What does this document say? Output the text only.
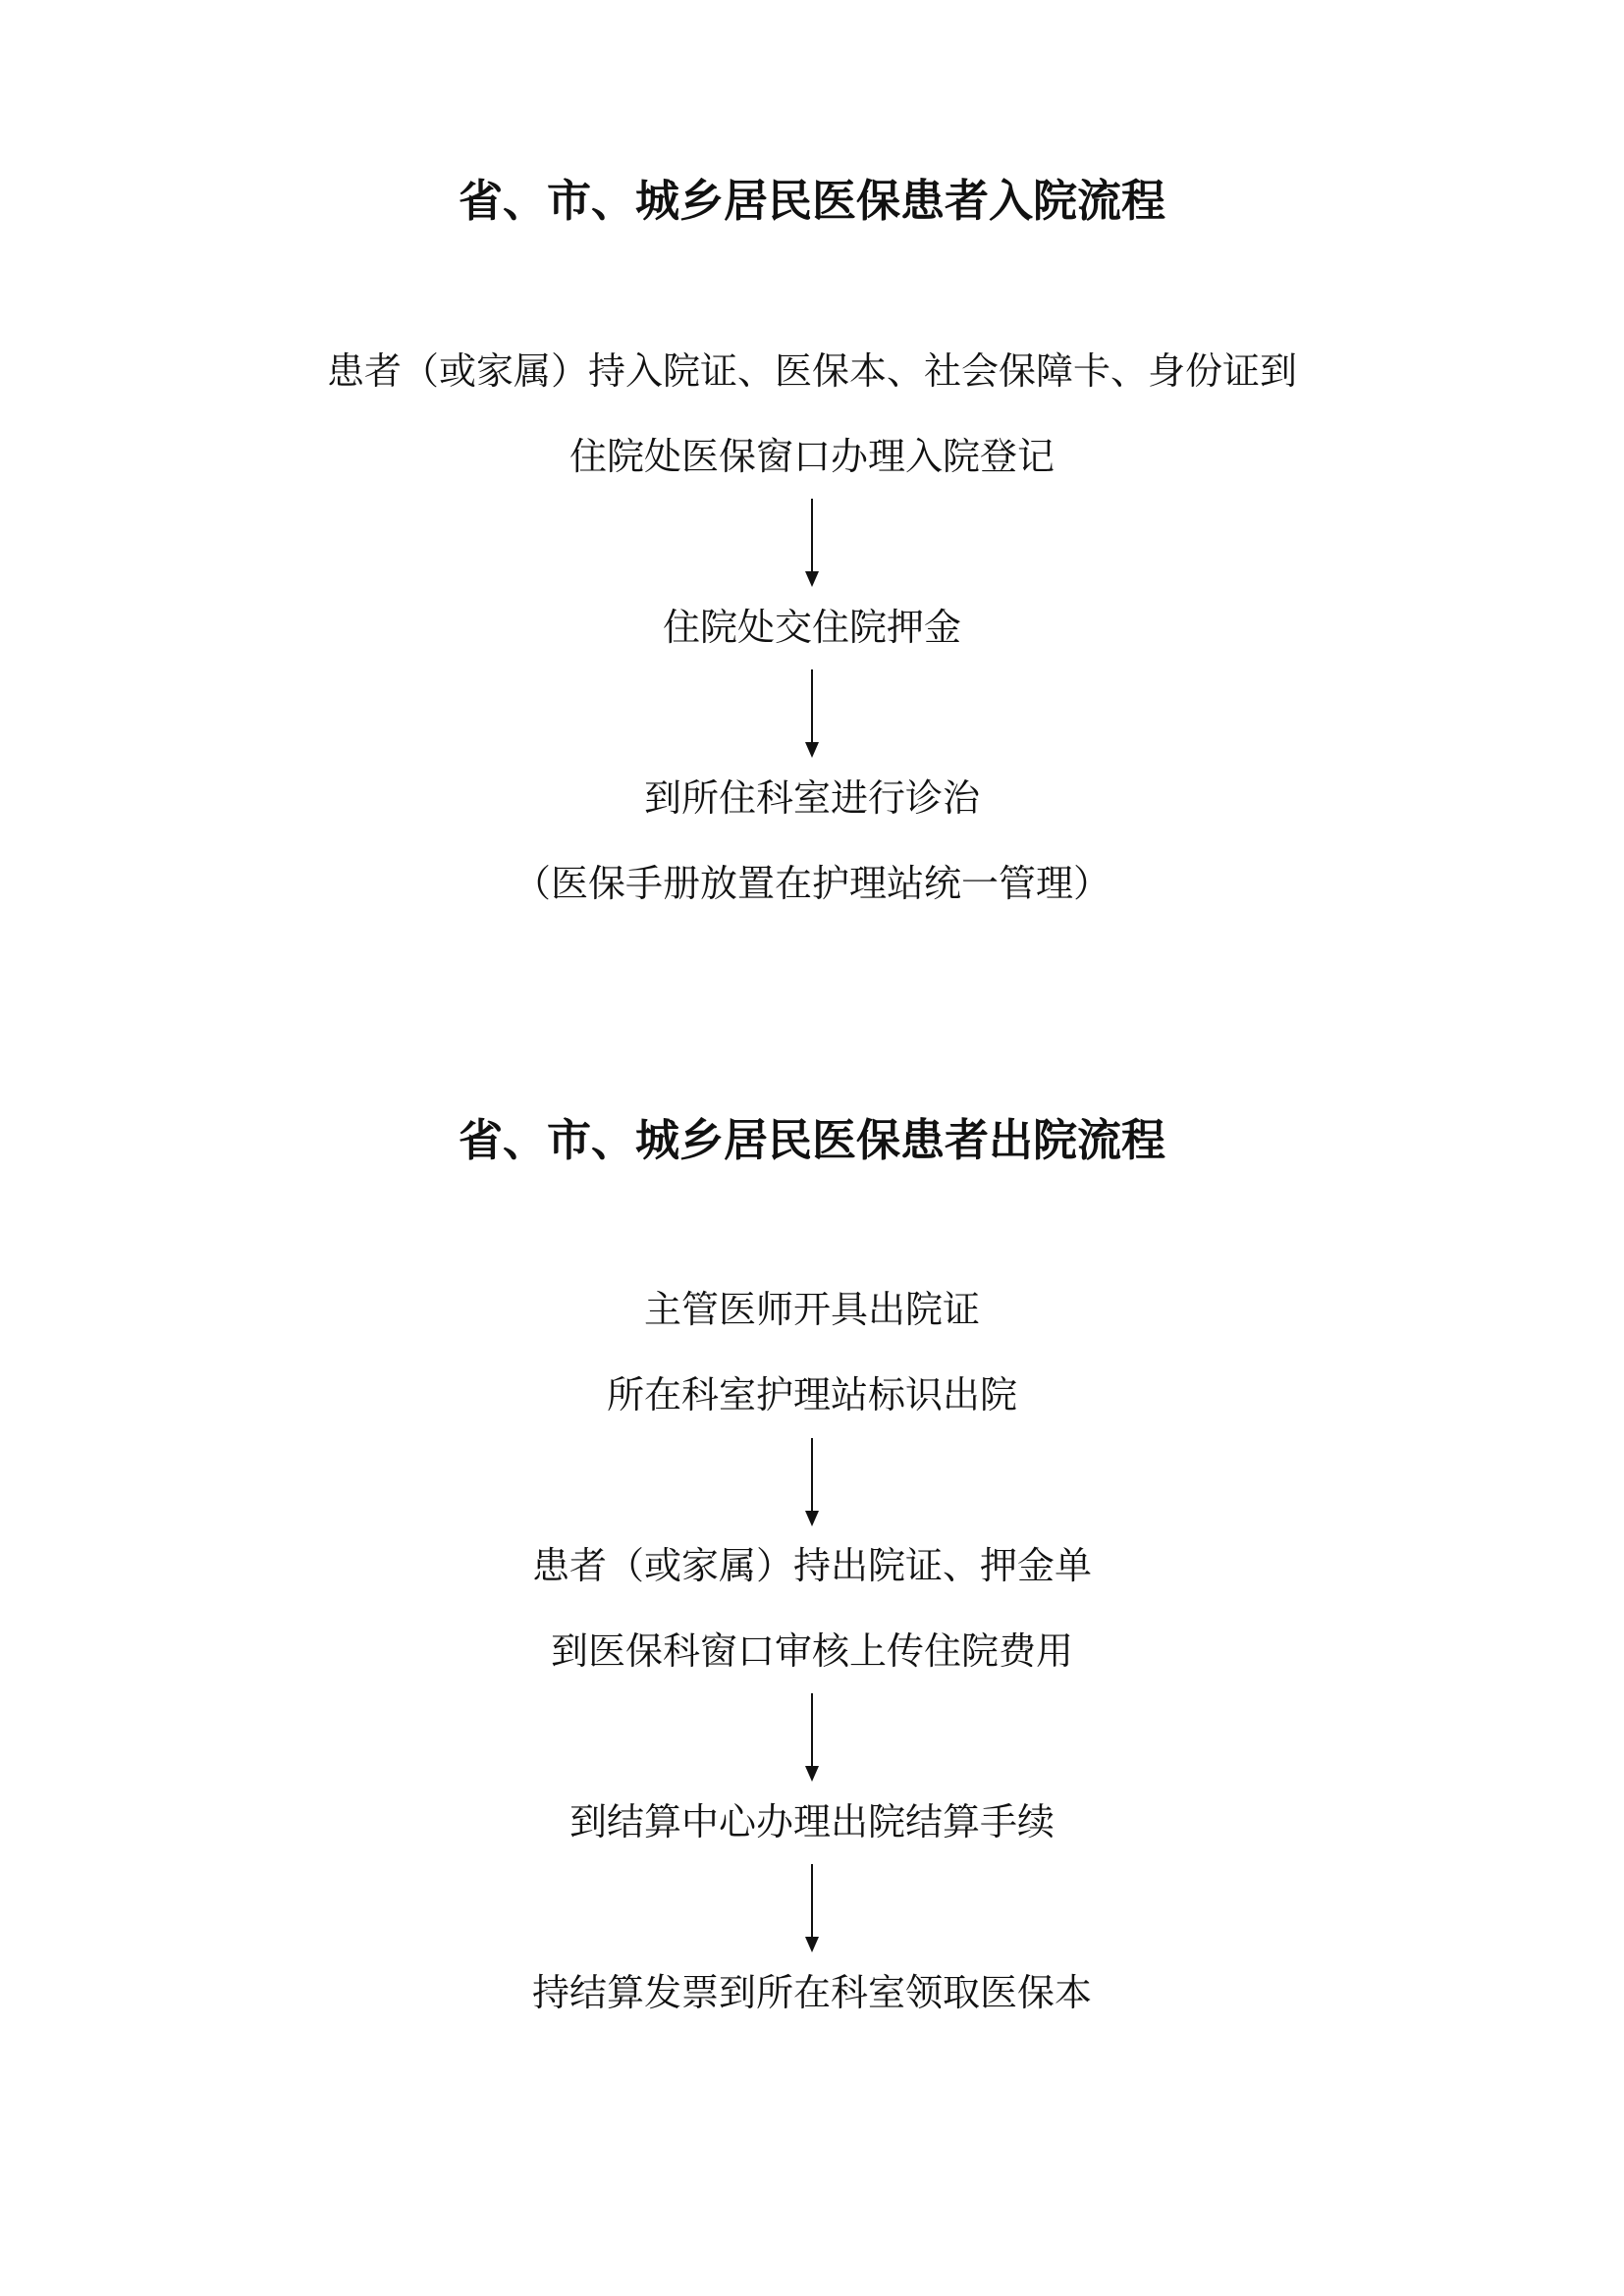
省、市、城乡居民医保患者入院流程

患者（或家属）持入院证、医保本、社会保障卡、身份证到

住院处医保窗口办理入院登记

住院处交住院押金

到所住科室进行诊治

（医保手册放置在护理站统一管理）

省、市、城乡居民医保患者出院流程

主管医师开具出院证

所在科室护理站标识出院

患者（或家属）持出院证、押金单

到医保科窗口审核上传住院费用

到结算中心办理出院结算手续

持结算发票到所在科室领取医保本
